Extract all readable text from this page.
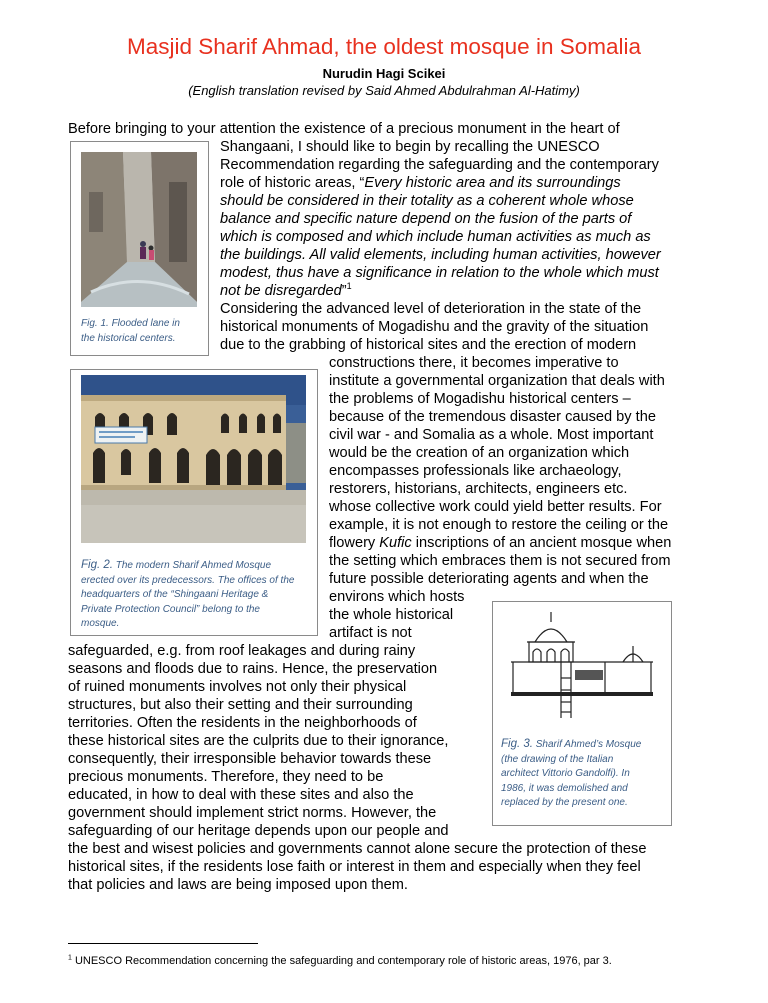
Masjid Sharif Ahmad, the oldest mosque in Somalia
Nurudin Hagi Scikei
(English translation revised by Said Ahmed Abdulrahman Al-Hatimy)
Fig. 1. Flooded lane in
the historical centers.
Fig. 2. The modern Sharif Ahmed Mosque
erected over its predecessors. The offices of the
headquarters of the “Shingaani Heritage &
Private Protection Council” belong to the
mosque.
Fig. 3. Sharif Ahmed’s Mosque
(the drawing of the Italian
architect Vittorio Gandolfi). In
1986, it was demolished and
replaced by the present one.
Before bringing to your attention the existence of a precious monument in the heart of
Shangaani, I should like to begin by recalling the UNESCO
Recommendation regarding the safeguarding and the contemporary
role of historic areas, “Every historic area and its surroundings
should be considered in their totality as a coherent whole whose
balance and specific nature depend on the fusion of the parts of
which is composed and which include human activities as much as
the buildings. All valid elements, including human activities, however
modest, thus have a significance in relation to the whole which must
not be disregarded”$^1$
Considering the advanced level of deterioration in the state of the
historical monuments of Mogadishu and the gravity of the situation
due to the grabbing of historical sites and the erection of modern
constructions there, it becomes imperative to
institute a governmental organization that deals with
the problems of Mogadishu historical centers –
because of the tremendous disaster caused by the
civil war - and Somalia as a whole. Most important
would be the creation of an organization which
encompasses professionals like archaeology,
restorers, historians, architects, engineers etc.
whose collective work could yield better results. For
example, it is not enough to restore the ceiling or the
flowery Kufic inscriptions of an ancient mosque when
the setting which embraces them is not secured from
future possible deteriorating agents and when the
environs which hosts
the whole historical
artifact is not
safeguarded, e.g. from roof leakages and during rainy
seasons and floods due to rains. Hence, the preservation
of ruined monuments involves not only their physical
structures, but also their setting and their surrounding
territories. Often the residents in the neighborhoods of
these historical sites are the culprits due to their ignorance,
consequently, their irresponsible behavior towards these
precious monuments. Therefore, they need to be
educated, in how to deal with these sites and also the
government should implement strict norms. However, the
safeguarding of our heritage depends upon our people and
the best and wisest policies and governments cannot alone secure the protection of these
historical sites, if the residents lose faith or interest in them and especially when they feel
that policies and laws are being imposed upon them.
$^1$ UNESCO Recommendation concerning the safeguarding and contemporary role of historic areas, 1976, par 3.
